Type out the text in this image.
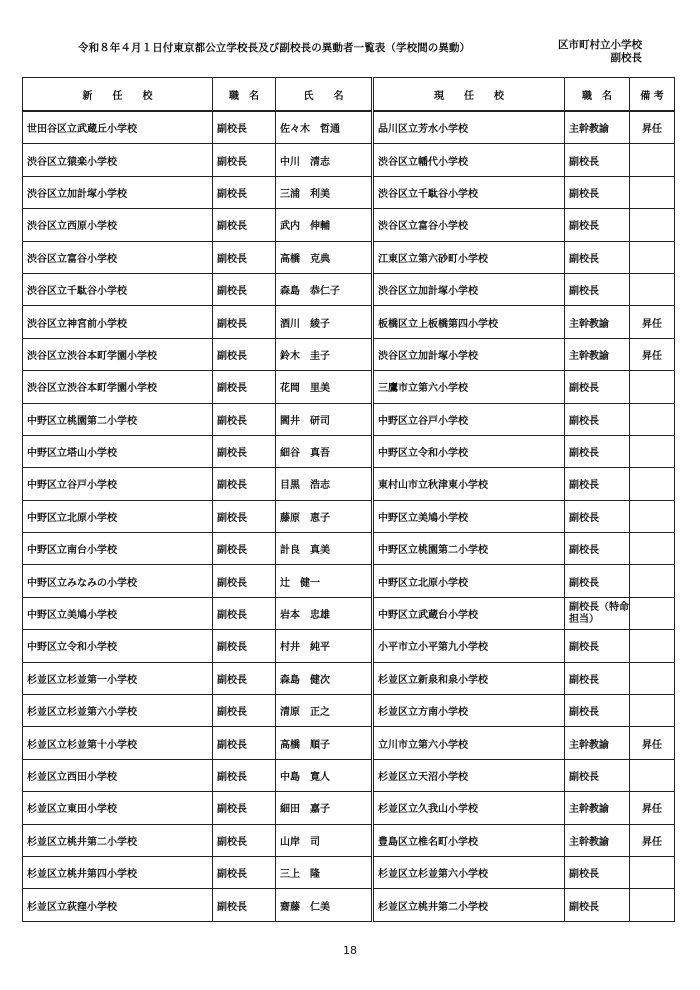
令和８年４月１日付東京都公立学校長及び副校長の異動者一覧表（学校間の異動）	区市町村立小学校
副校長
新　　任　　校	職　名	氏　　名	現　　任　　校	職　名	備 考
世田谷区立武蔵丘小学校	副校長	佐々木　哲通	品川区立芳水小学校	主幹教諭	昇任
渋谷区立猿楽小学校	副校長	中川　清志	渋谷区立幡代小学校	副校長	
渋谷区立加計塚小学校	副校長	三浦　利美	渋谷区立千駄谷小学校	副校長	
渋谷区立西原小学校	副校長	武内　伸輔	渋谷区立富谷小学校	副校長	
渋谷区立富谷小学校	副校長	高橋　克典	江東区立第六砂町小学校	副校長	
渋谷区立千駄谷小学校	副校長	森島　恭仁子	渋谷区立加計塚小学校	副校長	
渋谷区立神宮前小学校	副校長	酒川　綾子	板橋区立上板橋第四小学校	主幹教諭	昇任
渋谷区立渋谷本町学園小学校	副校長	鈴木　圭子	渋谷区立加計塚小学校	主幹教諭	昇任
渋谷区立渋谷本町学園小学校	副校長	花岡　里美	三鷹市立第六小学校	副校長	
中野区立桃園第二小学校	副校長	閻井　研司	中野区立谷戸小学校	副校長	
中野区立塔山小学校	副校長	細谷　真吾	中野区立令和小学校	副校長	
中野区立谷戸小学校	副校長	目黒　浩志	東村山市立秋津東小学校	副校長	
中野区立北原小学校	副校長	藤原　恵子	中野区立美鳩小学校	副校長	
中野区立南台小学校	副校長	計良　真美	中野区立桃園第二小学校	副校長	
中野区立みなみの小学校	副校長	辻　健一	中野区立北原小学校	副校長	
中野区立美鳩小学校	副校長	岩本　忠雄	中野区立武蔵台小学校	副校長（特命担当）	
中野区立令和小学校	副校長	村井　純平	小平市立小平第九小学校	副校長	
杉並区立杉並第一小学校	副校長	森島　健次	杉並区立新泉和泉小学校	副校長	
杉並区立杉並第六小学校	副校長	清原　正之	杉並区立方南小学校	副校長	
杉並区立杉並第十小学校	副校長	高橋　順子	立川市立第六小学校	主幹教諭	昇任
杉並区立西田小学校	副校長	中島　寛人	杉並区立天沼小学校	副校長	
杉並区立東田小学校	副校長	細田　嘉子	杉並区立久我山小学校	主幹教諭	昇任
杉並区立桃井第二小学校	副校長	山岸　司	豊島区立椎名町小学校	主幹教諭	昇任
杉並区立桃井第四小学校	副校長	三上　隆	杉並区立杉並第六小学校	副校長	
杉並区立荻窪小学校	副校長	齋藤　仁美	杉並区立桃井第二小学校	副校長	
18
